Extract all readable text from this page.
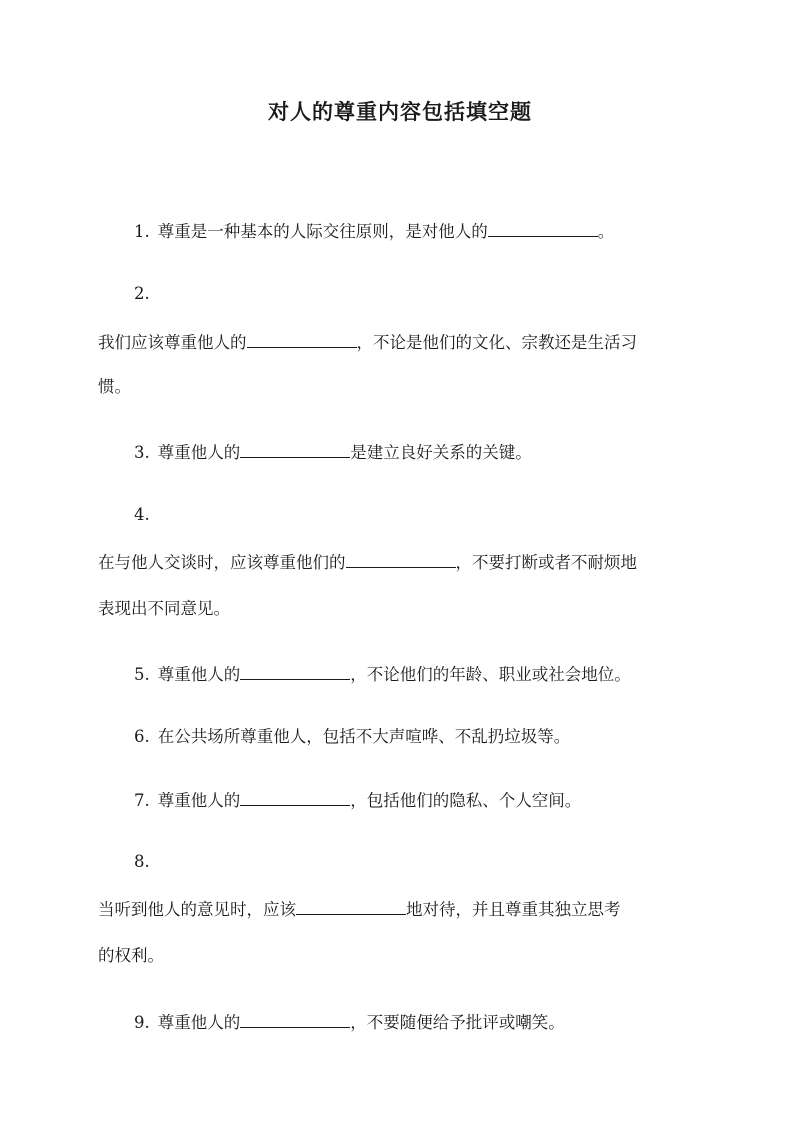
对人的尊重内容包括填空题
1. 尊重是一种基本的人际交往原则，是对他人的	。
2.
我们应该尊重他人的	，不论是他们的文化、宗教还是生活习
惯。
3. 尊重他人的	是建立良好关系的关键。
4.
在与他人交谈时，应该尊重他们的	，不要打断或者不耐烦地
表现出不同意见。
5. 尊重他人的	，不论他们的年龄、职业或社会地位。
6. 在公共场所尊重他人，包括不大声喧哗、不乱扔垃圾等。
7. 尊重他人的	，包括他们的隐私、个人空间。
8.
当听到他人的意见时，应该	地对待，并且尊重其独立思考
的权利。
9. 尊重他人的	，不要随便给予批评或嘲笑。
